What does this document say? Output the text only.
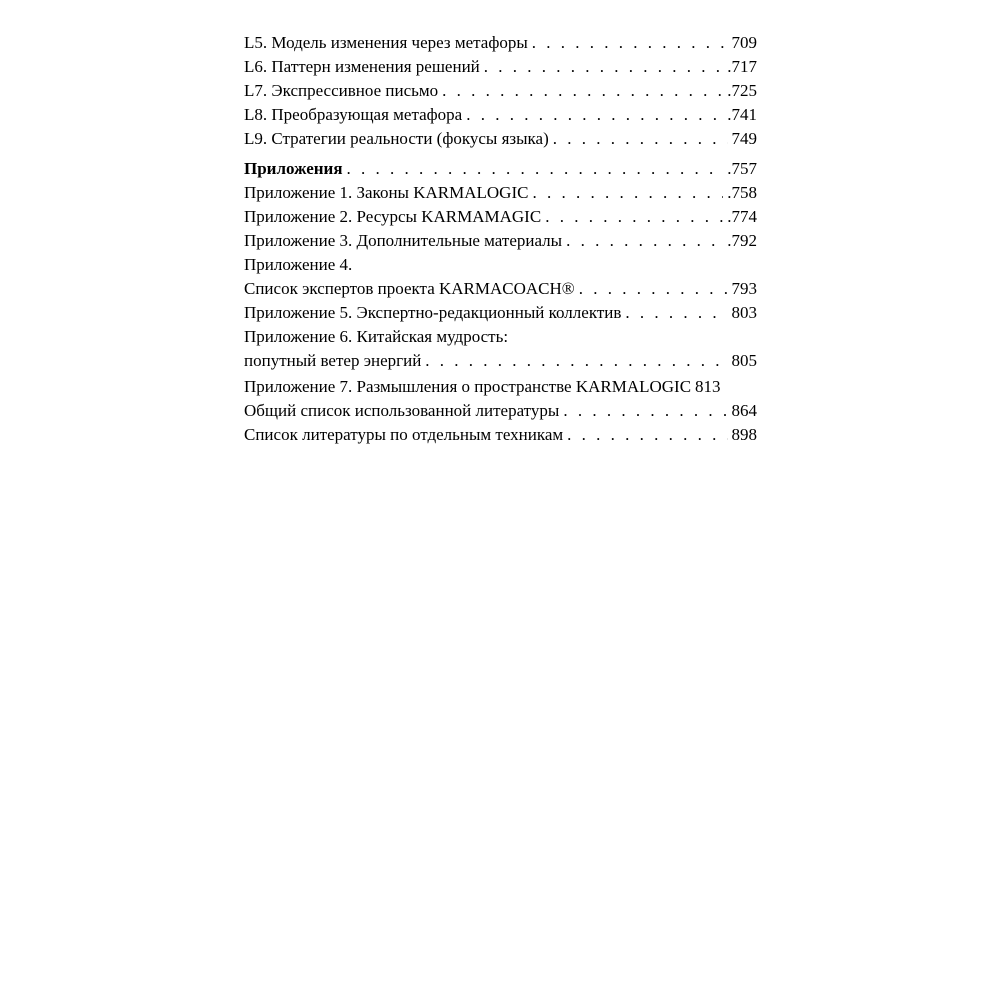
L5. Модель изменения через метафоры . . .	709
L6. Паттерн изменения решений . . .	.717
L7. Экспрессивное письмо . . .	.725
L8. Преобразующая метафора . . .	.741
L9. Стратегии реальности (фокусы языка) . . .	749
Приложения . . .	.757
Приложение 1. Законы KARMALOGIC . . .	.758
Приложение 2. Ресурсы KARMAMAGIC . . .	.774
Приложение 3. Дополнительные материалы . . .	.792
Приложение 4.
Список экспертов проекта KARMACOACH® . . .	793
Приложение 5. Экспертно-редакционный коллектив . . .	803
Приложение 6. Китайская мудрость:
попутный ветер энергий . . .	805
Приложение 7. Размышления о пространстве KARMALOGIC 813
Общий список использованной литературы . . .	864
Список литературы по отдельным техникам . . .	898
